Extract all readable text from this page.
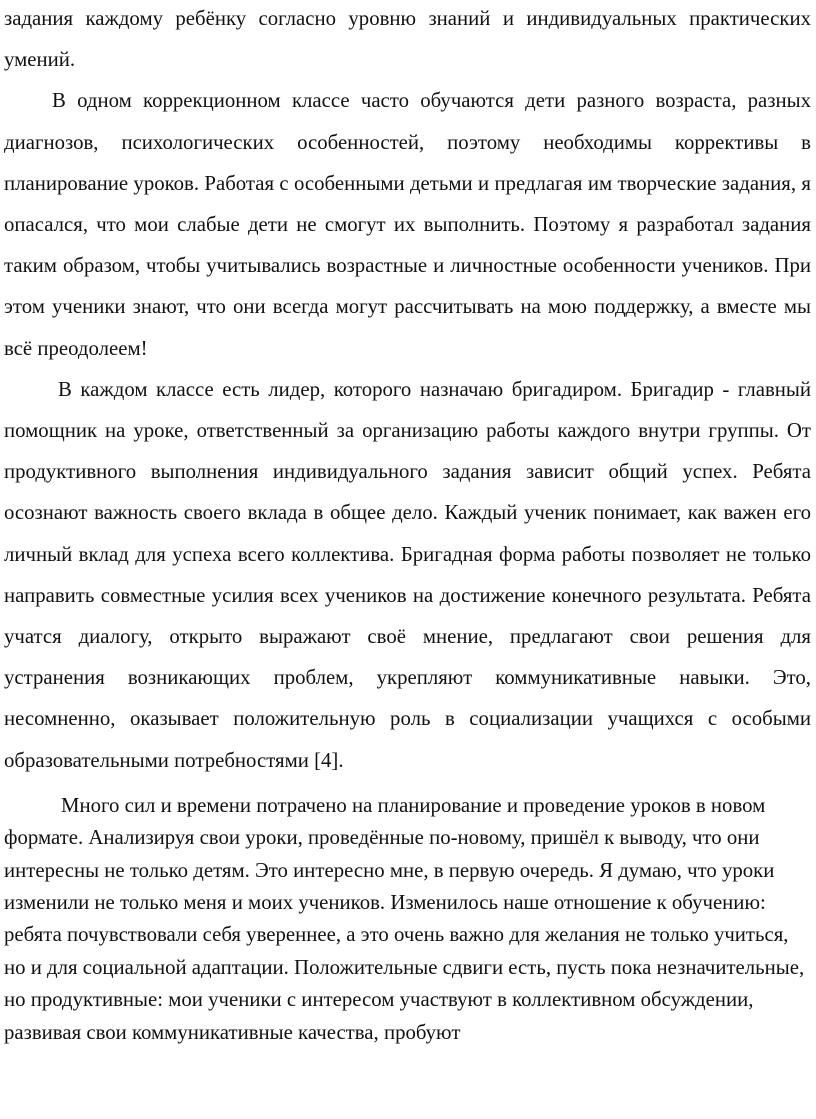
задания каждому ребёнку согласно уровню знаний и индивидуальных практических умений.

В одном коррекционном классе часто обучаются дети разного возраста, разных диагнозов, психологических особенностей, поэтому необходимы коррективы в планирование уроков. Работая с особенными детьми и предлагая им творческие задания, я опасался, что мои слабые дети не смогут их выполнить. Поэтому я разработал задания таким образом, чтобы учитывались возрастные и личностные особенности учеников. При этом ученики знают, что они всегда могут рассчитывать на мою поддержку, а вместе мы всё преодолеем!

В каждом классе есть лидер, которого назначаю бригадиром. Бригадир - главный помощник на уроке, ответственный за организацию работы каждого внутри группы. От продуктивного выполнения индивидуального задания зависит общий успех. Ребята осознают важность своего вклада в общее дело. Каждый ученик понимает, как важен его личный вклад для успеха всего коллектива. Бригадная форма работы позволяет не только направить совместные усилия всех учеников на достижение конечного результата. Ребята учатся диалогу, открыто выражают своё мнение, предлагают свои решения для устранения возникающих проблем, укрепляют коммуникативные навыки. Это, несомненно, оказывает положительную роль в социализации учащихся с особыми образовательными потребностями [4].

Много сил и времени потрачено на планирование и проведение уроков в новом формате. Анализируя свои уроки, проведённые по-новому, пришёл к выводу, что они интересны не только детям. Это интересно мне, в первую очередь. Я думаю, что уроки изменили не только меня и моих учеников. Изменилось наше отношение к обучению: ребята почувствовали себя увереннее, а это очень важно для желания не только учиться, но и для социальной адаптации. Положительные сдвиги есть, пусть пока незначительные, но продуктивные: мои ученики с интересом участвуют в коллективном обсуждении, развивая свои коммуникативные качества, пробуют
